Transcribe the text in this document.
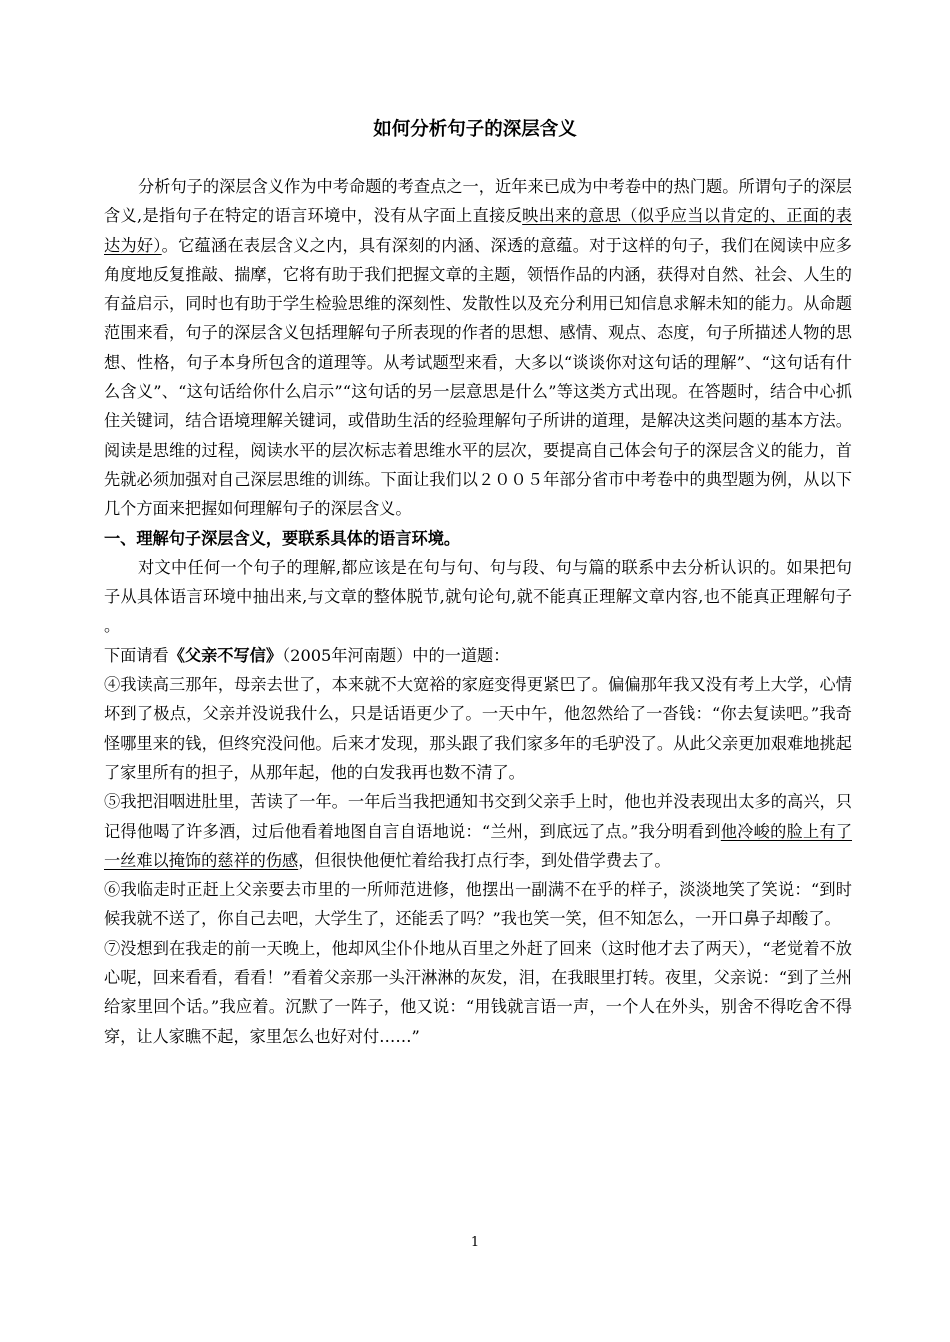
如何分析句子的深层含义

分析句子的深层含义作为中考命题的考查点之一，近年来已成为中考卷中的热门题。所谓句子的深层含义,是指句子在特定的语言环境中，没有从字面上直接反映出来的意思（似乎应当以肯定的、正面的表达为好）。它蕴涵在表层含义之内，具有深刻的内涵、深透的意蕴。对于这样的句子，我们在阅读中应多角度地反复推敲、揣摩，它将有助于我们把握文章的主题，领悟作品的内涵，获得对自然、社会、人生的有益启示，同时也有助于学生检验思维的深刻性、发散性以及充分利用已知信息求解未知的能力。从命题范围来看，句子的深层含义包括理解句子所表现的作者的思想、感情、观点、态度，句子所描述人物的思想、性格，句子本身所包含的道理等。从考试题型来看，大多以“谈谈你对这句话的理解”、“这句话有什么含义”、“这句话给你什么启示”“这句话的另一层意思是什么”等这类方式出现。在答题时，结合中心抓住关键词，结合语境理解关键词，或借助生活的经验理解句子所讲的道理，是解决这类问题的基本方法。阅读是思维的过程，阅读水平的层次标志着思维水平的层次，要提高自己体会句子的深层含义的能力，首先就必须加强对自己深层思维的训练。下面让我们以２００５年部分省市中考卷中的典型题为例，从以下几个方面来把握如何理解句子的深层含义。

一、理解句子深层含义，要联系具体的语言环境。

对文中任何一个句子的理解,都应该是在句与句、句与段、句与篇的联系中去分析认识的。如果把句子从具体语言环境中抽出来,与文章的整体脱节,就句论句,就不能真正理解文章内容,也不能真正理解句子 。

下面请看《父亲不写信》（2005年河南题）中的一道题：

④我读高三那年，母亲去世了，本来就不大宽裕的家庭变得更紧巴了。偏偏那年我又没有考上大学，心情坏到了极点，父亲并没说我什么，只是话语更少了。一天中午，他忽然给了一沓钱：“你去复读吧。”我奇怪哪里来的钱，但终究没问他。后来才发现，那头跟了我们家多年的毛驴没了。从此父亲更加艰难地挑起了家里所有的担子，从那年起，他的白发我再也数不清了。

⑤我把泪咽进肚里，苦读了一年。一年后当我把通知书交到父亲手上时，他也并没表现出太多的高兴，只记得他喝了许多酒，过后他看着地图自言自语地说：“兰州，到底远了点。”我分明看到他冷峻的脸上有了一丝难以掩饰的慈祥的伤感，但很快他便忙着给我打点行李，到处借学费去了。

⑥我临走时正赶上父亲要去市里的一所师范进修，他摆出一副满不在乎的样子，淡淡地笑了笑说：“到时候我就不送了，你自己去吧，大学生了，还能丢了吗？”我也笑一笑，但不知怎么，一开口鼻子却酸了。

⑦没想到在我走的前一天晚上，他却风尘仆仆地从百里之外赶了回来（这时他才去了两天），“老觉着不放心呢，回来看看，看看！”看着父亲那一头汗淋淋的灰发，泪，在我眼里打转。夜里，父亲说：“到了兰州给家里回个话。”我应着。沉默了一阵子，他又说：“用钱就言语一声，一个人在外头，别舍不得吃舍不得穿，让人家瞧不起，家里怎么也好对付……”

1
